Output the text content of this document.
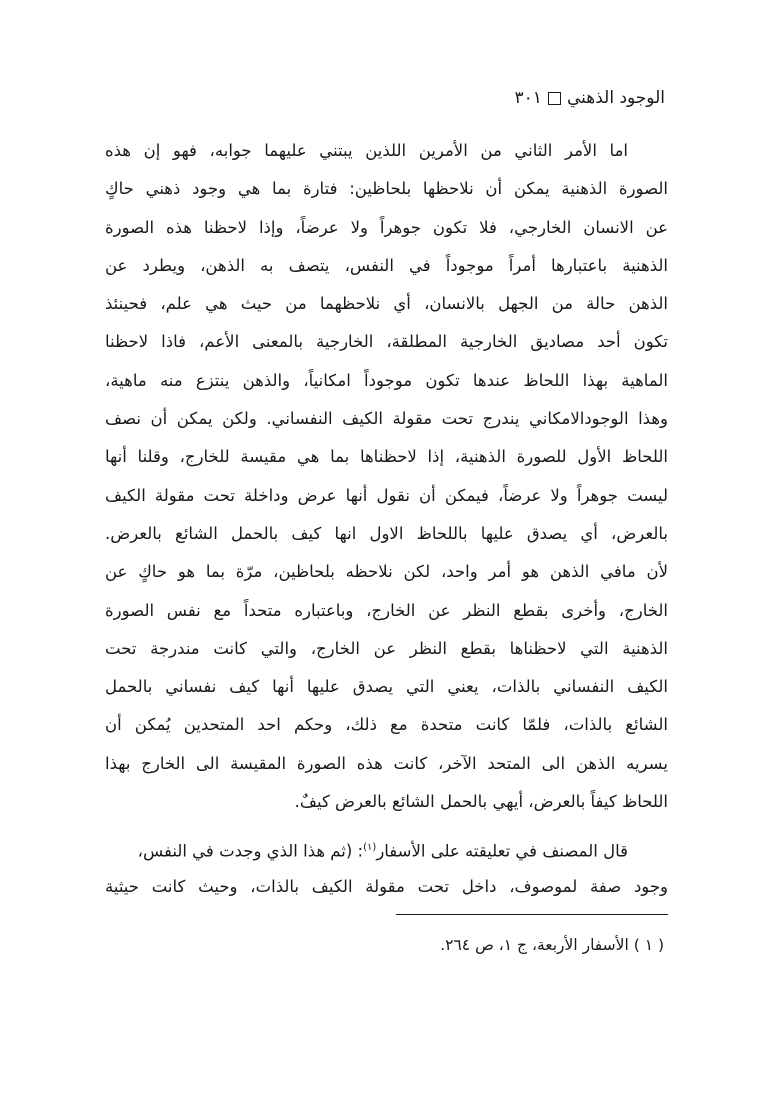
الوجود الذهني
٣٠١
اما الأمر الثاني من الأمرين اللذين يبتني عليهما جوابه، فهو إن هذه
الصورة الذهنية يمكن أن نلاحظها بلحاظين: فتارة بما هي وجود ذهني حاكٍ
عن الانسان الخارجي، فلا تكون جوهراً ولا عرضاً، وإذا لاحظنا هذه الصورة
الذهنية باعتبارها أمراً موجوداً في النفس، يتصف به الذهن، ويطرد عن
الذهن حالة من الجهل بالانسان، أي نلاحظهما من حيث هي علم، فحينئذ
تكون أحد مصاديق الخارجية المطلقة، الخارجية بالمعنى الأعم، فاذا لاحظنا
الماهية بهذا اللحاظ عندها تكون موجوداً امكانياً، والذهن ينتزع منه ماهية،
وهذا الوجودالامكاني يندرج تحت مقولة الكيف النفساني. ولكن يمكن أن نصف
اللحاظ الأول للصورة الذهنية، إذا لاحظناها بما هي مقيسة للخارج، وقلنا أنها
ليست جوهراً ولا عرضاً، فيمكن أن نقول أنها عرض وداخلة تحت مقولة الكيف
بالعرض، أي يصدق عليها باللحاظ الاول انها كيف بالحمل الشائع بالعرض.
لأن مافي الذهن هو أمر واحد، لكن نلاحظه بلحاظين، مرّة بما هو حاكٍ عن
الخارج، وأخرى بقطع النظر عن الخارج، وباعتباره متحداً مع نفس الصورة
الذهنية التي لاحظناها بقطع النظر عن الخارج، والتي كانت مندرجة تحت
الكيف النفساني بالذات، يعني التي يصدق عليها أنها كيف نفساني بالحمل
الشائع بالذات، فلمّا كانت متحدة مع ذلك، وحكم احد المتحدين يُمكن أن
يسريه الذهن الى المتحد الآخر، كانت هذه الصورة المقيسة الى الخارج بهذا
اللحاظ كيفاً بالعرض، أيهي بالحمل الشائع بالعرض كيفٌ.
قال المصنف في تعليقته على الأسفار$^{(١)}$: (ثم هذا الذي وجدت في النفس،
وجود صفة لموصوف، داخل تحت مقولة الكيف بالذات، وحيث كانت حيثية
( ١ ) الأسفار الأربعة، ج ١، ص ٢٦٤.
